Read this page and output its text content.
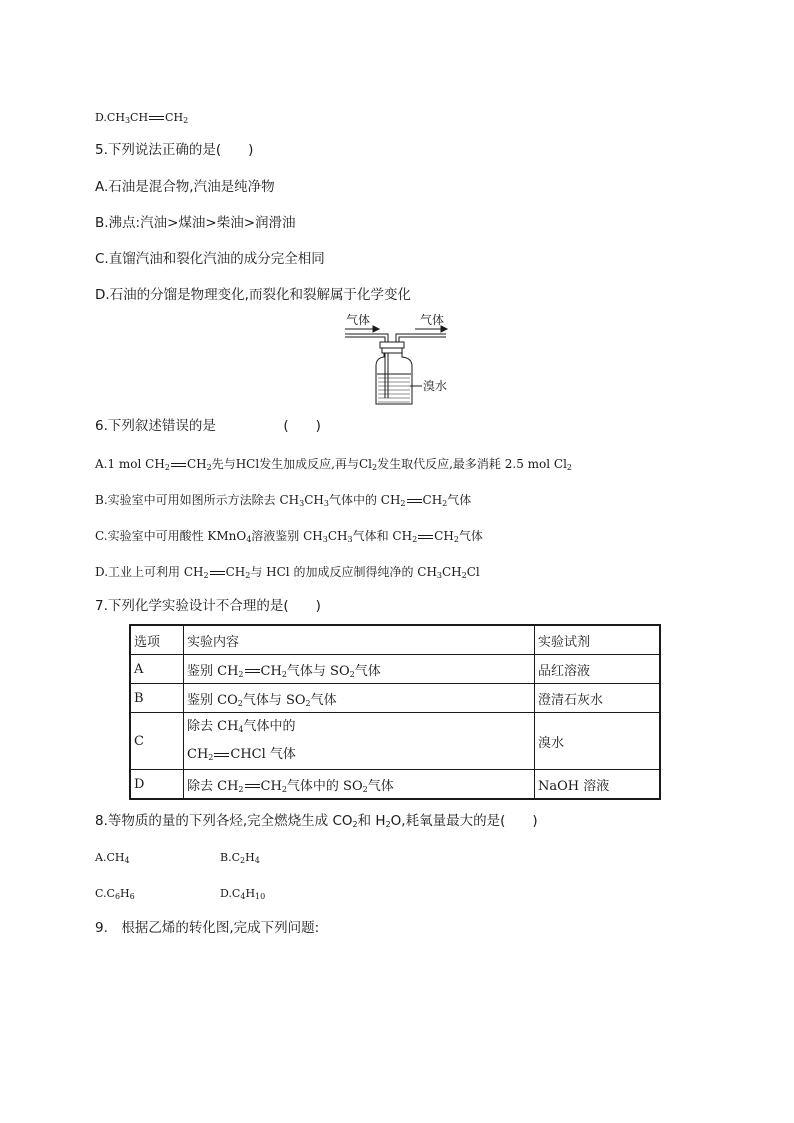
$D.CH_3CH$ $CH_2$
5.下列说法正确的是(　　)
A.石油是混合物,汽油是纯净物
B.沸点:汽油>煤油>柴油>润滑油
C.直馏汽油和裂化汽油的成分完全相同
D.石油的分馏是物理变化,而裂化和裂解属于化学变化
气体	气体
溴水
6.下列叙述错误的是　　　　　(　　)
A.1 mol $CH_2$ $CH_2$先与HCl发生加成反应,再与$Cl_2$发生取代反应,最多消耗 2.5 mol $Cl_2$
B.实验室中可用如图所示方法除去 $CH_3CH_3$气体中的 $CH_2$ $CH_2$气体
C.实验室中可用酸性 KMnO$_4$溶液鉴别 $CH_3CH_3$气体和 $CH_2$ $CH_2$气体
D.工业上可利用 $CH_2$ $CH_2$与 HCl 的加成反应制得纯净的 $CH_3CH_2Cl$
7.下列化学实验设计不合理的是(　　)
选项	实验内容	实验试剂
A	鉴别 $CH_2$ $CH_2$气体与 $SO_2$气体	品红溶液
B	鉴别 $CO_2$气体与 $SO_2$气体	澄清石灰水
C	除去 $CH_4$气体中的
$CH_2$ CHCl 气体	溴水
D	除去 $CH_2$ $CH_2$气体中的 $SO_2$气体	NaOH 溶液
8.等物质的量的下列各烃,完全燃烧生成 $CO_2$和 $H_2O$,耗氧量最大的是(　　)
$A.CH_4$	$B.C_2H_4$
$C.C_6H_6$	$D.C_4H_{10}$
9.　根据乙烯的转化图,完成下列问题:
